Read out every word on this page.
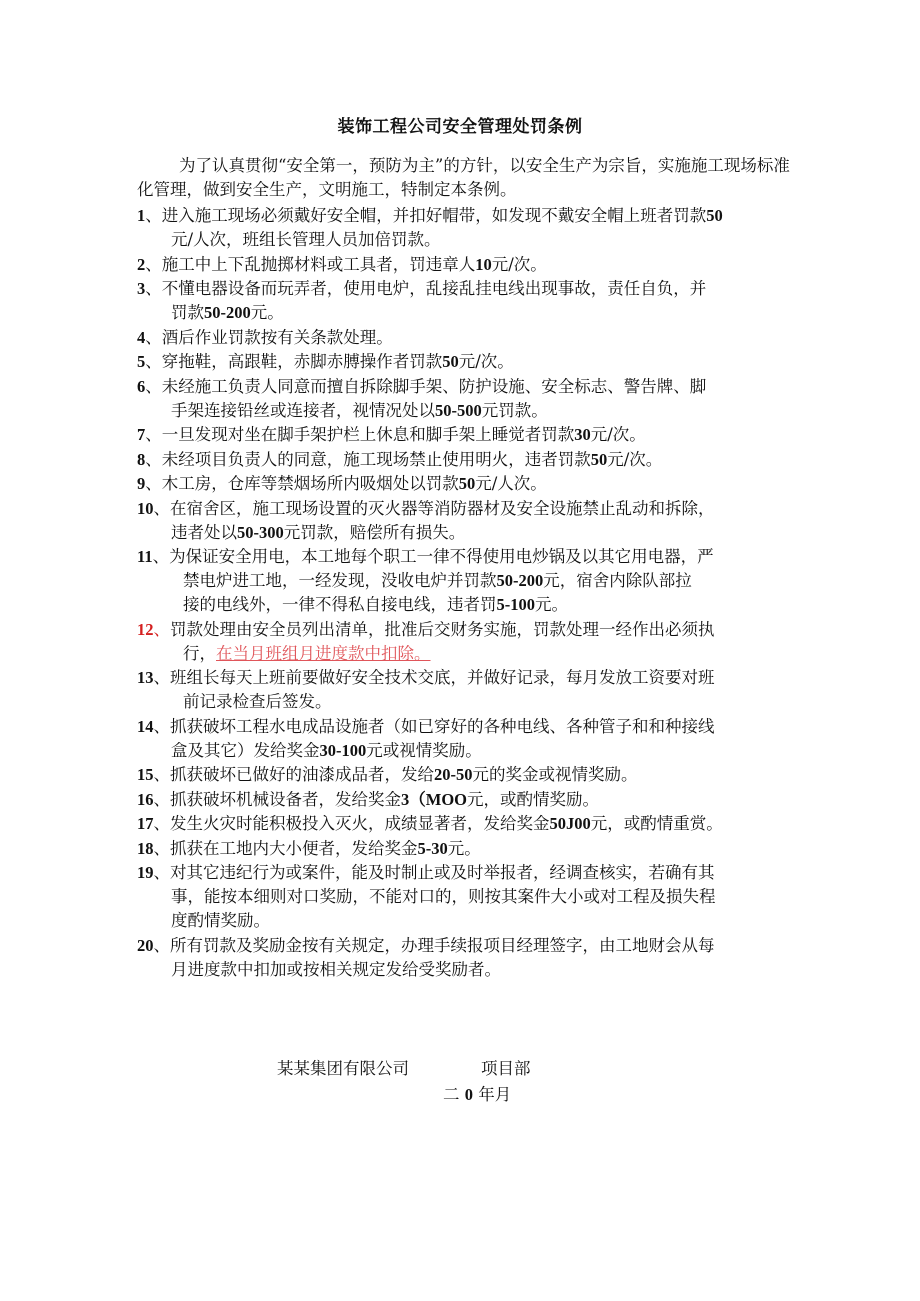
装饰工程公司安全管理处罚条例

为了认真贯彻“安全第一，预防为主”的方针，以安全生产为宗旨，实施施工现场标准化管理，做到安全生产，文明施工，特制定本条例。

1、进入施工现场必须戴好安全帽，并扣好帽带，如发现不戴安全帽上班者罚款50
元/人次，班组长管理人员加倍罚款。
2、施工中上下乱抛掷材料或工具者，罚违章人10元/次。
3、不懂电器设备而玩弄者，使用电炉，乱接乱挂电线出现事故，责任自负，并
罚款50-200元。
4、酒后作业罚款按有关条款处理。
5、穿拖鞋，高跟鞋，赤脚赤膊操作者罚款50元/次。
6、未经施工负责人同意而擅自拆除脚手架、防护设施、安全标志、警告牌、脚
手架连接铅丝或连接者，视情况处以50-500元罚款。
7、一旦发现对坐在脚手架护栏上休息和脚手架上睡觉者罚款30元/次。
8、未经项目负责人的同意，施工现场禁止使用明火，违者罚款50元/次。
9、木工房，仓库等禁烟场所内吸烟处以罚款50元/人次。
10、在宿舍区，施工现场设置的灭火器等消防器材及安全设施禁止乱动和拆除，
违者处以50-300元罚款，赔偿所有损失。
11、为保证安全用电，本工地每个职工一律不得使用电炒锅及以其它用电器，严
禁电炉进工地，一经发现，没收电炉并罚款50-200元，宿舍内除队部拉
接的电线外，一律不得私自接电线，违者罚5-100元。
12、罚款处理由安全员列出清单，批准后交财务实施，罚款处理一经作出必须执
行，在当月班组月进度款中扣除。
13、班组长每天上班前要做好安全技术交底，并做好记录，每月发放工资要对班
前记录检查后签发。
14、抓获破坏工程水电成品设施者（如已穿好的各种电线、各种管子和和种接线
盒及其它）发给奖金30-100元或视情奖励。
15、抓获破坏已做好的油漆成品者，发给20-50元的奖金或视情奖励。
16、抓获破坏机械设备者，发给奖金3（MOO元，或酌情奖励。
17、发生火灾时能积极投入灭火，成绩显著者，发给奖金50J00元，或酌情重赏。
18、抓获在工地内大小便者，发给奖金5-30元。
19、对其它违纪行为或案件，能及时制止或及时举报者，经调查核实，若确有其
事，能按本细则对口奖励，不能对口的，则按其案件大小或对工程及损失程
度酌情奖励。
20、所有罚款及奖励金按有关规定，办理手续报项目经理签字，由工地财会从每
月进度款中扣加或按相关规定发给受奖励者。
某某集团有限公司	项目部
二 0 年月
